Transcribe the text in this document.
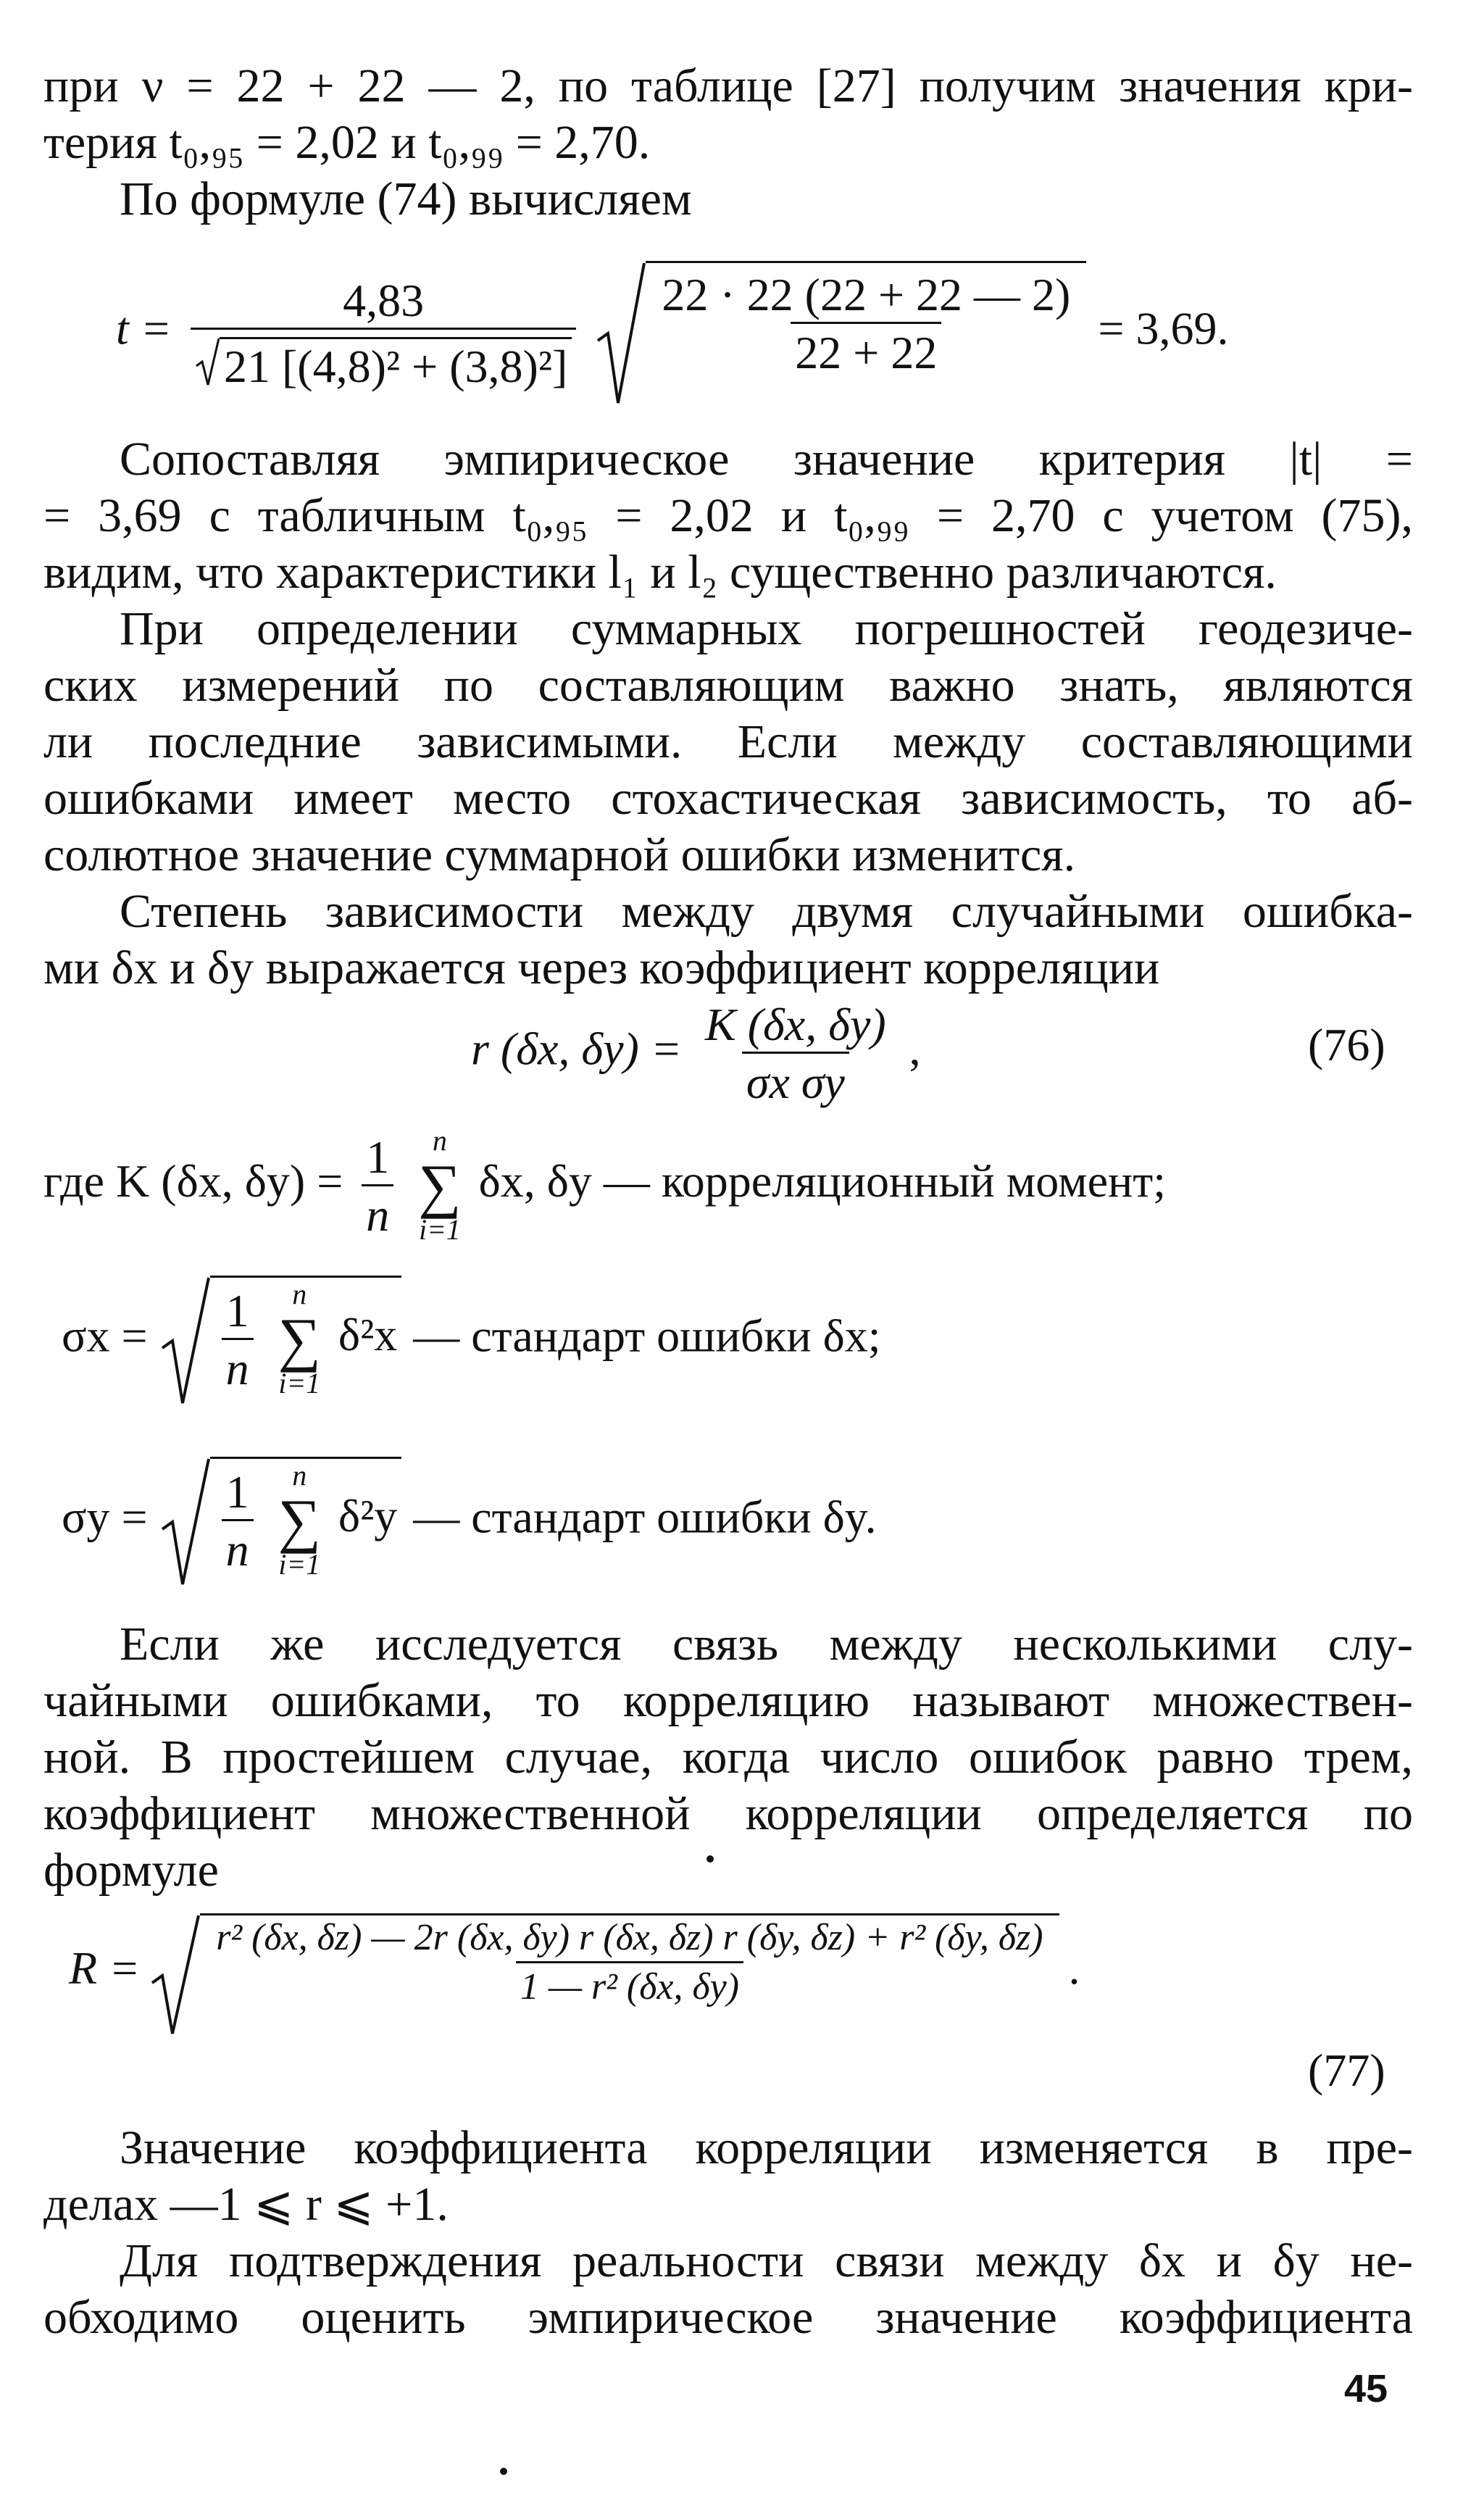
при ν = 22 + 22 — 2, по таблице [27] получим значения кри-
терия t₀,₉₅ = 2,02 и t₀,₉₉ = 2,70.
По формуле (74) вычисляем
$t = \frac{4,83}{\text{21 [(4,8)² + (3,8)²]}}$
$\frac{22 \cdot 22 (22 + 22 — 2)}{22 + 22} = 3,69$.
Сопоставляя эмпирическое значение критерия |t| =
= 3,69 с табличным t₀,₉₅ = 2,02 и t₀,₉₉ = 2,70 с учетом (75),
видим, что характеристики l₁ и l₂ существенно различаются.
При определении суммарных погрешностей геодезиче-
ских измерений по составляющим важно знать, являются
ли последние зависимыми. Если между составляющими
ошибками имеет место стохастическая зависимость, то аб-
солютное значение суммарной ошибки изменится.
Степень зависимости между двумя случайными ошибка-
ми δx и δy выражается через коэффициент корреляции
r (δx, $\delta y) = \frac{K (\delta x, \delta y)}{\text{σx σy}}$ ,	(76)
где K (δx, $\delta y) = \frac{1}{n}$
n
∑
i=1
δx, δy — корреляционный момент;
$\sigma x = \frac{1}{n}$
n
∑
i=1
δ²x — стандарт ошибки δx;
$\sigma y = \frac{1}{n}$
n
∑
i=1
δ²y — стандарт ошибки δy.
Если же исследуется связь между несколькими слу-
чайными ошибками, то корреляцию называют множествен-
ной. В простейшем случае, когда число ошибок равно трем,
коэффициент множественной корреляции определяется по
формуле
R =
r² (δx, δz) — 2r (δx, δy) r (δx, δz) r (δy, δz) + r² (δy, δz)
1 — r² (δx, δy)	.
(77)
Значение коэффициента корреляции изменяется в пре-
делах —1 ⩽ r ⩽ +1.
Для подтверждения реальности связи между δx и δy не-
обходимо оценить эмпирическое значение коэффициента
45
